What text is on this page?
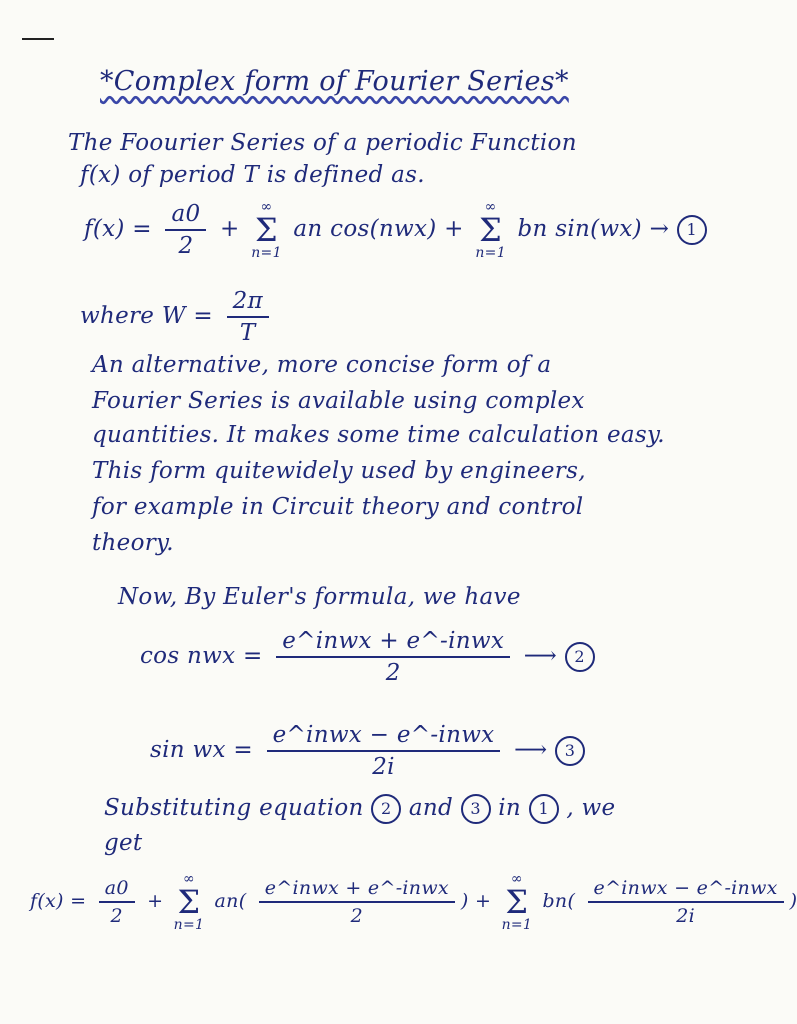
*Complex form of Fourier Series*
The Foourier Series of a periodic Function
f(x) of period T is defined as.
$f(x) = \frac{a0}{2}$ +
∞
Σ
n=1
an cos(nwx) +
∞
Σ
n=1
bn sin(wx) → 1
where $W = \frac{2\pi}{T}$
An alternative, more concise form of a
Fourier Series is available using complex
quantities. It makes some time calculation easy.
This form quitewidely used by engineers,
for example in Circuit theory and control
theory.
Now, By Euler's formula, we have
cos nwx = $\frac{\text{e\textasciicircum{}inwx + e\textasciicircum{}-inwx}}{2}$ ⟶ 2
sin wx = $\frac{\text{e\textasciicircum{}inwx − e\textasciicircum{}-inwx}}{2i}$ ⟶ 3
Substituting equation 2 and 3 in 1 , we
get
$f(x) = \frac{a0}{2}$ +
∞
Σ
n=1
$an( \frac{\text{e\textasciicircum{}inwx + e\textasciicircum{}-inwx}}{2}$ ) +
∞
Σ
n=1
$bn( \frac{\text{e\textasciicircum{}inwx − e\textasciicircum{}-inwx}}{2i}$ )
